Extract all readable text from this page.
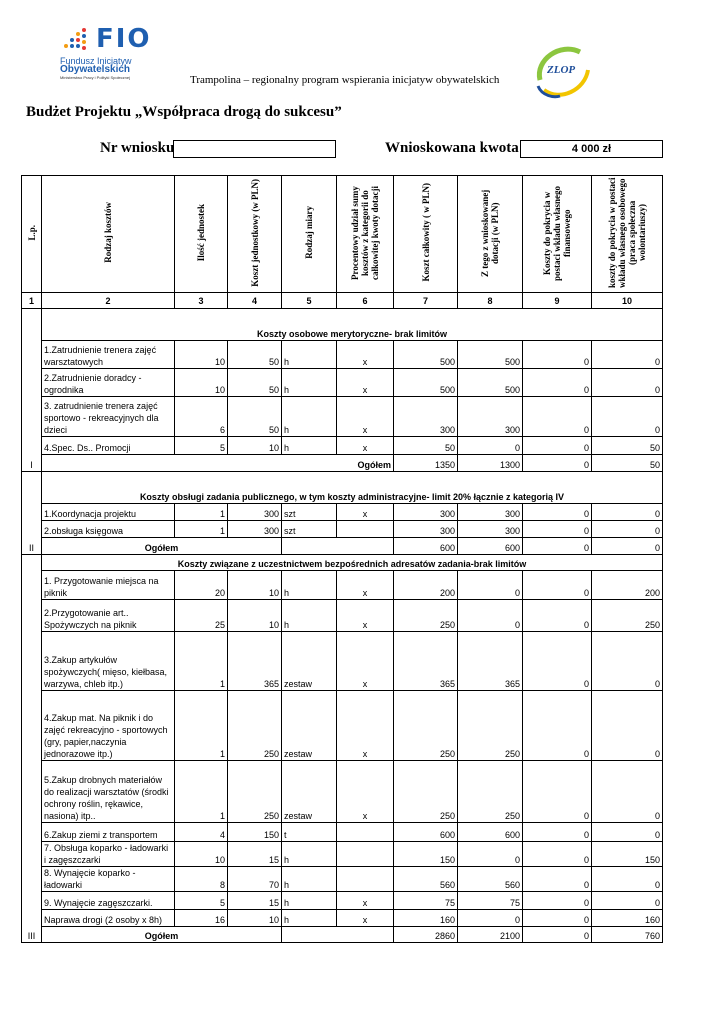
FIO
Fundusz Inicjatyw
Obywatelskich
Ministerstwo Pracy i Polityki Społecznej	Trampolina – regionalny program wspierania inicjatyw obywatelskich
ZLOP
Budżet Projektu „Współpraca drogą do sukcesu”
Nr wniosku	Wnioskowana kwota	4 000 zł
L.p.	Rodzaj kosztów	Ilość jednostek	Koszt jednostkowy (w PLN)	Rodzaj miary	Procentowy udział sumy kosztów z kategorii do całkowitej kwoty dotacji	Koszt całkowity ( w PLN)	Z tego z wnioskowanej dotacji (w PLN)	Koszty do pokrycia w postaci wkładu własnego finansowego	koszty do pokrycia w postaci wkładu własnego osobowego (praca społeczna wolontariuszy)
1	2	3	4	5	6	7	8	9	10
I	Koszty osobowe merytoryczne- brak limitów								
	1.Zatrudnienie trenera zajęć warsztatowych	10	50	h	x	500	500	0	0
	2.Zatrudnienie doradcy - ogrodnika	10	50	h	x	500	500	0	0
	3. zatrudnienie trenera zajęć sportowo - rekreacyjnych dla dzieci	6	50	h	x	300	300	0	0
	4.Spec. Ds.. Promocji	5	10	h	x	50	0	0	50
	Ogółem					1350	1300	0	50
II	Koszty obsługi zadania publicznego, w tym koszty administracyjne- limit 20% łącznie z kategorią IV								
	1.Koordynacja projektu	1	300	szt	x	300	300	0	0
	2.obsługa księgowa	1	300	szt		300	300	0	0
	Ogółem					600	600	0	0
III	Koszty związane z uczestnictwem bezpośrednich adresatów zadania-brak limitów								
	1. Przygotowanie miejsca na piknik	20	10	h	x	200	0	0	200
	2.Przygotowanie art.. Spożywczych na piknik	25	10	h	x	250	0	0	250
	3.Zakup artykułów spożywczych( mięso, kiełbasa, warzywa, chleb itp.)	1	365	zestaw	x	365	365	0	0
	4.Zakup mat. Na piknik i do zajęć rekreacyjno - sportowych (gry, papier,naczynia jednorazowe itp.)	1	250	zestaw	x	250	250	0	0
	5.Zakup drobnych materiałów do realizacji warsztatów (środki ochrony roślin, rękawice, nasiona) itp..	1	250	zestaw	x	250	250	0	0
	6.Zakup ziemi z transportem	4	150	t		600	600	0	0
	7. Obsługa koparko - ładowarki i zagęszczarki	10	15	h		150	0	0	150
	8. Wynajęcie koparko - ładowarki	8	70	h		560	560	0	0
	9. Wynajęcie zagęszczarki.	5	15	h	x	75	75	0	0
	Naprawa drogi (2 osoby x 8h)	16	10	h	x	160	0	0	160
	Ogółem					2860	2100	0	760
